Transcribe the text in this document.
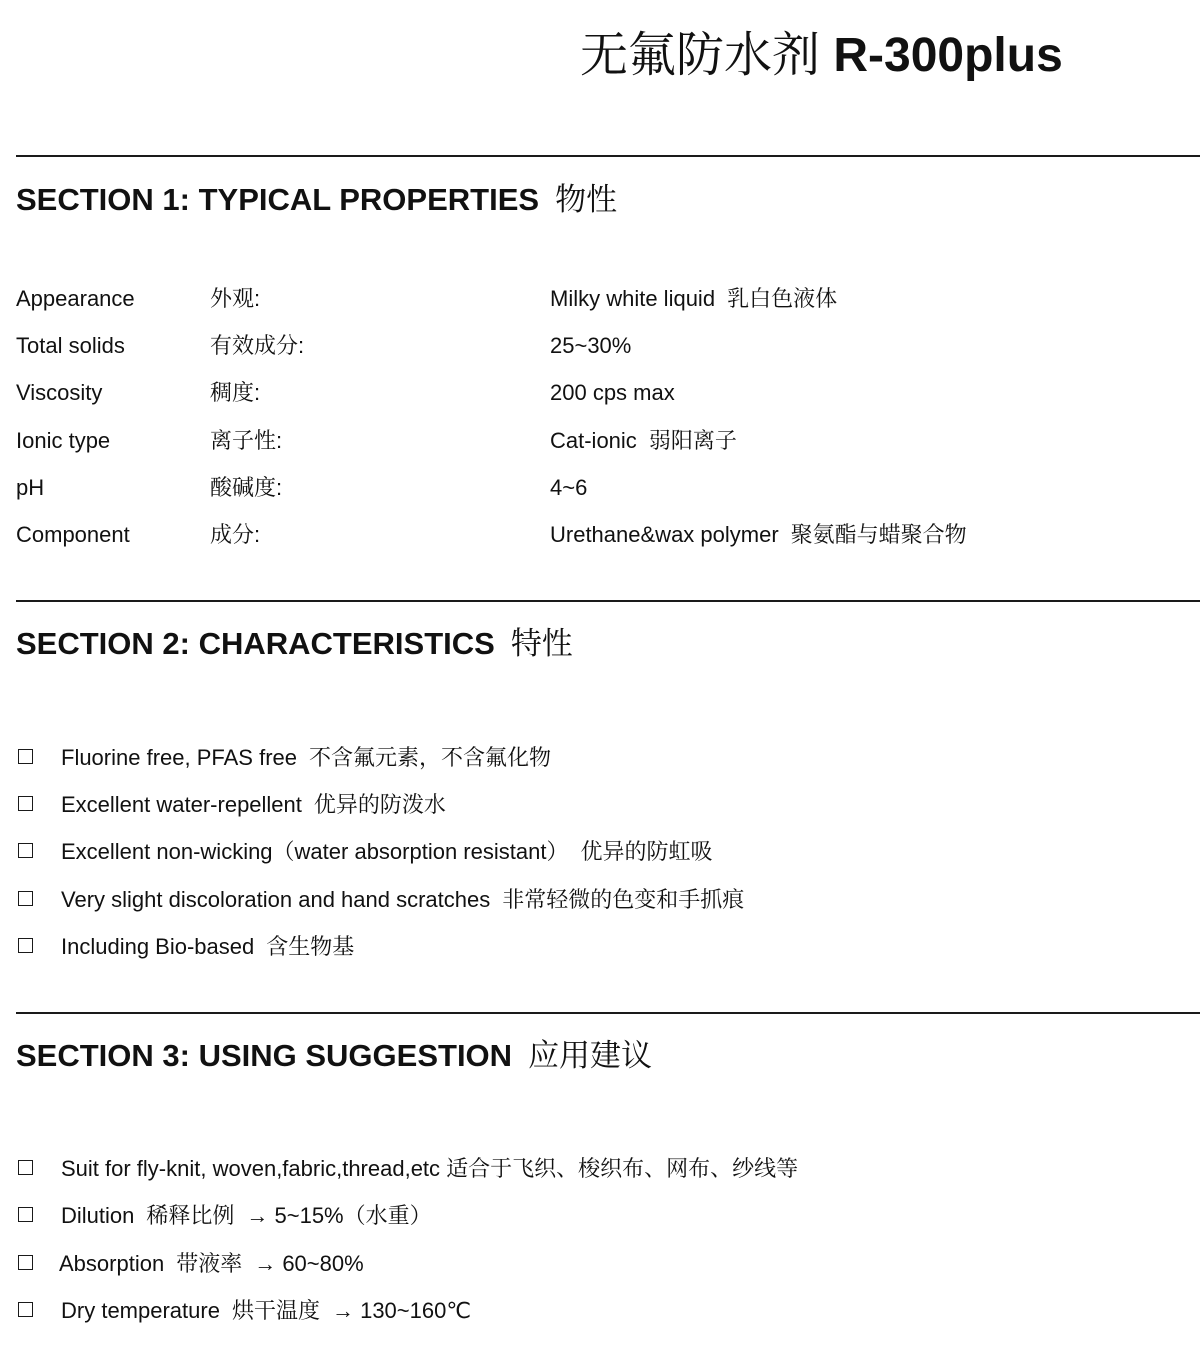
无氟防水剂 R-300plus
SECTION 1: TYPICAL PROPERTIES 物性
Appearance	外观:	Milky white liquid 乳白色液体
Total solids	有效成分:	25~30%
Viscosity	稠度:	200 cps max
Ionic type	离子性:	Cat-ionic 弱阳离子
pH	酸碱度:	4~6
Component	成分:	Urethane&wax polymer 聚氨酯与蜡聚合物
SECTION 2: CHARACTERISTICS 特性
Fluorine free, PFAS free 不含氟元素，不含氟化物
Excellent water-repellent 优异的防泼水
Excellent non-wicking（water absorption resistant） 优异的防虹吸
Very slight discoloration and hand scratches 非常轻微的色变和手抓痕
Including Bio-based 含生物基
SECTION 3: USING SUGGESTION 应用建议
Suit for fly-knit, woven,fabric,thread,etc 适合于飞织、梭织布、网布、纱线等
Dilution 稀释比例 → 5~15%（水重）
Absorption 带液率 → 60~80%
Dry temperature 烘干温度 → 130~160℃
